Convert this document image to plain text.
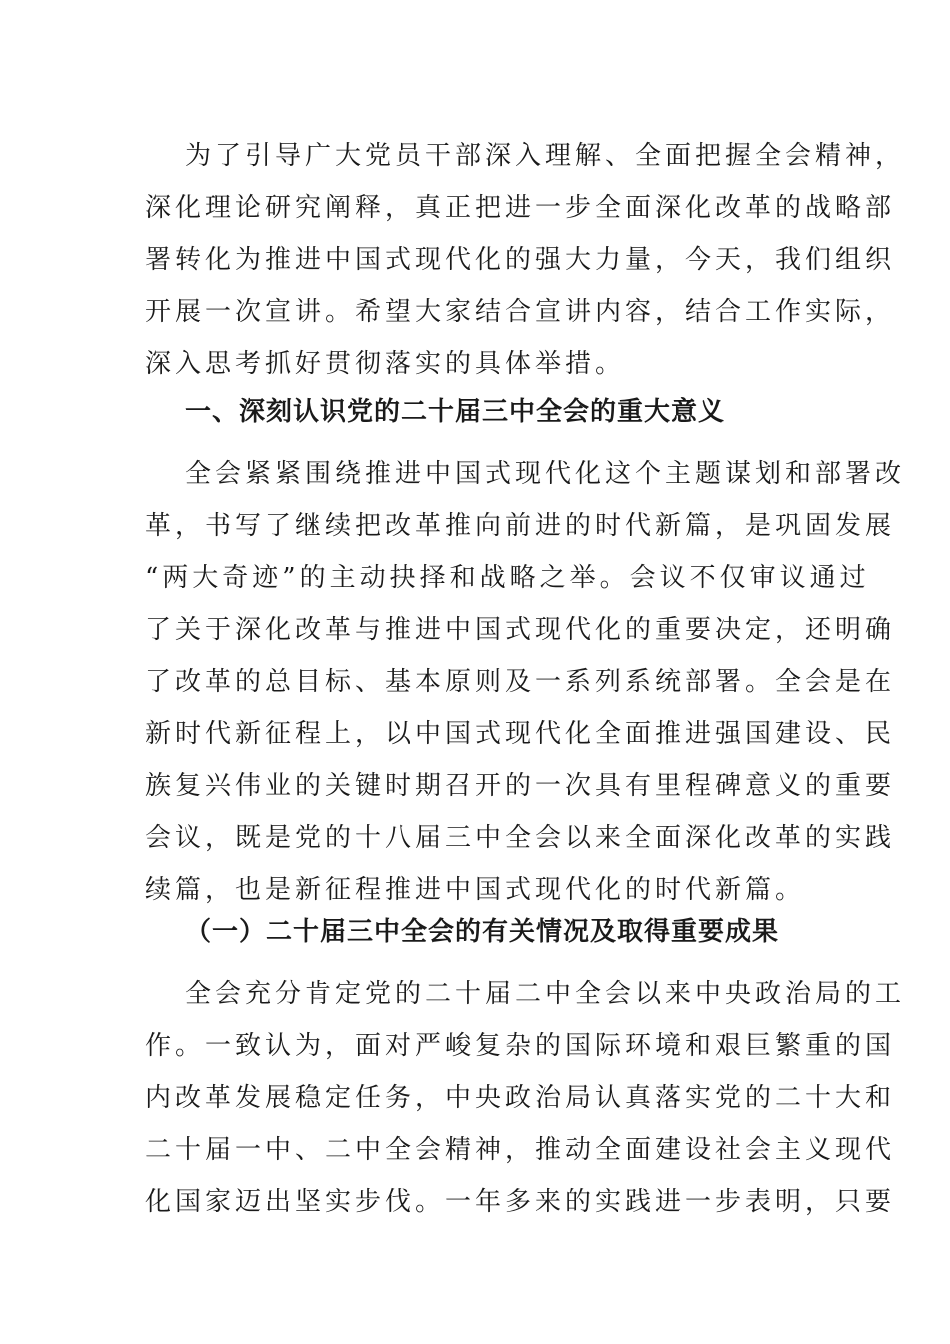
为了引导广大党员干部深入理解、全面把握全会精神，
深化理论研究阐释，真正把进一步全面深化改革的战略部
署转化为推进中国式现代化的强大力量，今天，我们组织
开展一次宣讲。希望大家结合宣讲内容，结合工作实际，
深入思考抓好贯彻落实的具体举措。
一、深刻认识党的二十届三中全会的重大意义
全会紧紧围绕推进中国式现代化这个主题谋划和部署改
革，书写了继续把改革推向前进的时代新篇，是巩固发展
“两大奇迹”的主动抉择和战略之举。会议不仅审议通过
了关于深化改革与推进中国式现代化的重要决定，还明确
了改革的总目标、基本原则及一系列系统部署。全会是在
新时代新征程上，以中国式现代化全面推进强国建设、民
族复兴伟业的关键时期召开的一次具有里程碑意义的重要
会议，既是党的十八届三中全会以来全面深化改革的实践
续篇，也是新征程推进中国式现代化的时代新篇。
（一）二十届三中全会的有关情况及取得重要成果
全会充分肯定党的二十届二中全会以来中央政治局的工
作。一致认为，面对严峻复杂的国际环境和艰巨繁重的国
内改革发展稳定任务，中央政治局认真落实党的二十大和
二十届一中、二中全会精神，推动全面建设社会主义现代
化国家迈出坚实步伐。一年多来的实践进一步表明，只要
